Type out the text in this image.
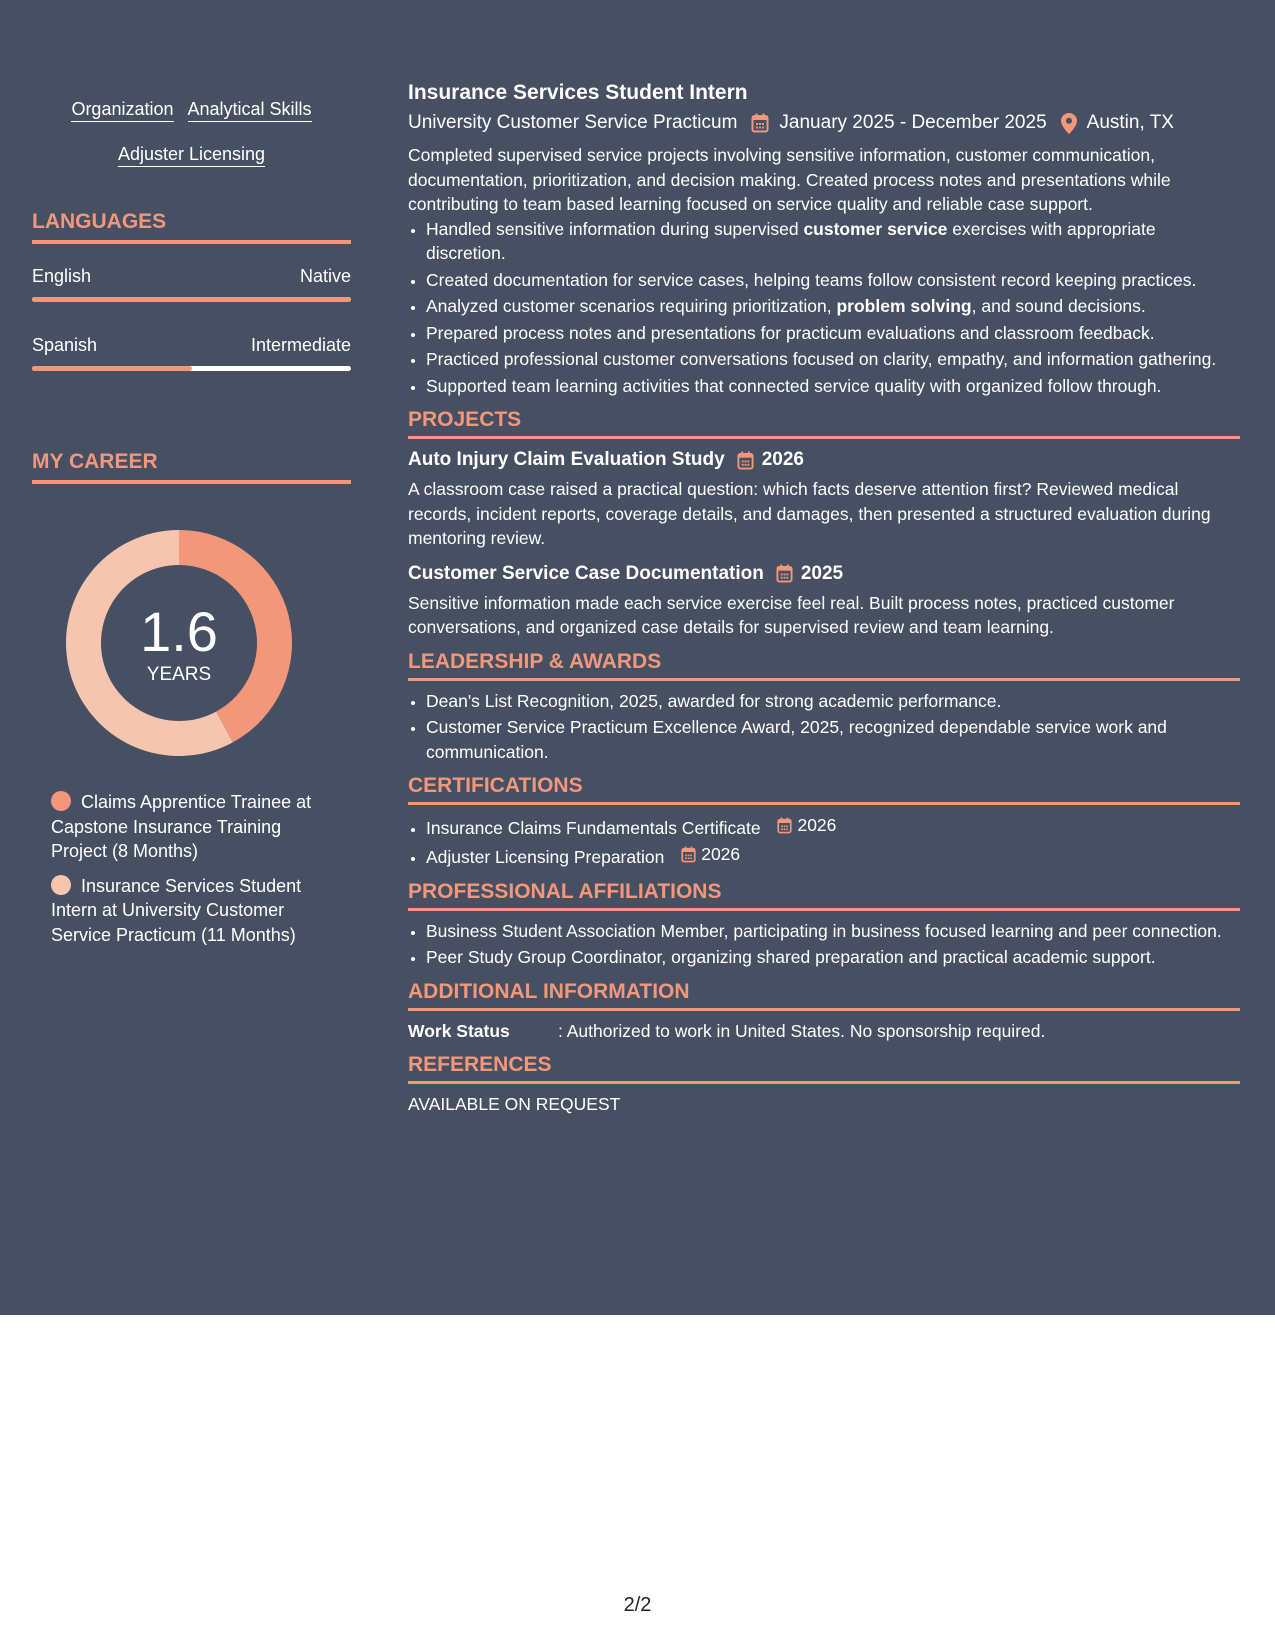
Organization Analytical Skills
Adjuster Licensing
LANGUAGES
English	Native
Spanish	Intermediate
MY CAREER
1.6
YEARS
Claims Apprentice Trainee at Capstone Insurance Training Project (8 Months)
Insurance Services Student Intern at University Customer Service Practicum (11 Months)
Insurance Services Student Intern
University Customer Service Practicum January 2025 - December 2025 Austin, TX
Completed supervised service projects involving sensitive information, customer communication, documentation, prioritization, and decision making. Created process notes and presentations while contributing to team based learning focused on service quality and reliable case support.
• Handled sensitive information during supervised customer service exercises with appropriate discretion.
• Created documentation for service cases, helping teams follow consistent record keeping practices.
• Analyzed customer scenarios requiring prioritization, problem solving, and sound decisions.
• Prepared process notes and presentations for practicum evaluations and classroom feedback.
• Practiced professional customer conversations focused on clarity, empathy, and information gathering.
• Supported team learning activities that connected service quality with organized follow through.
PROJECTS
Auto Injury Claim Evaluation Study 2026
A classroom case raised a practical question: which facts deserve attention first? Reviewed medical records, incident reports, coverage details, and damages, then presented a structured evaluation during mentoring review.
Customer Service Case Documentation 2025
Sensitive information made each service exercise feel real. Built process notes, practiced customer conversations, and organized case details for supervised review and team learning.
LEADERSHIP & AWARDS
• Dean's List Recognition, 2025, awarded for strong academic performance.
• Customer Service Practicum Excellence Award, 2025, recognized dependable service work and communication.
CERTIFICATIONS
• Insurance Claims Fundamentals Certificate 2026
• Adjuster Licensing Preparation 2026
PROFESSIONAL AFFILIATIONS
• Business Student Association Member, participating in business focused learning and peer connection.
• Peer Study Group Coordinator, organizing shared preparation and practical academic support.
ADDITIONAL INFORMATION
Work Status	: Authorized to work in United States. No sponsorship required.
REFERENCES
AVAILABLE ON REQUEST
2/2
